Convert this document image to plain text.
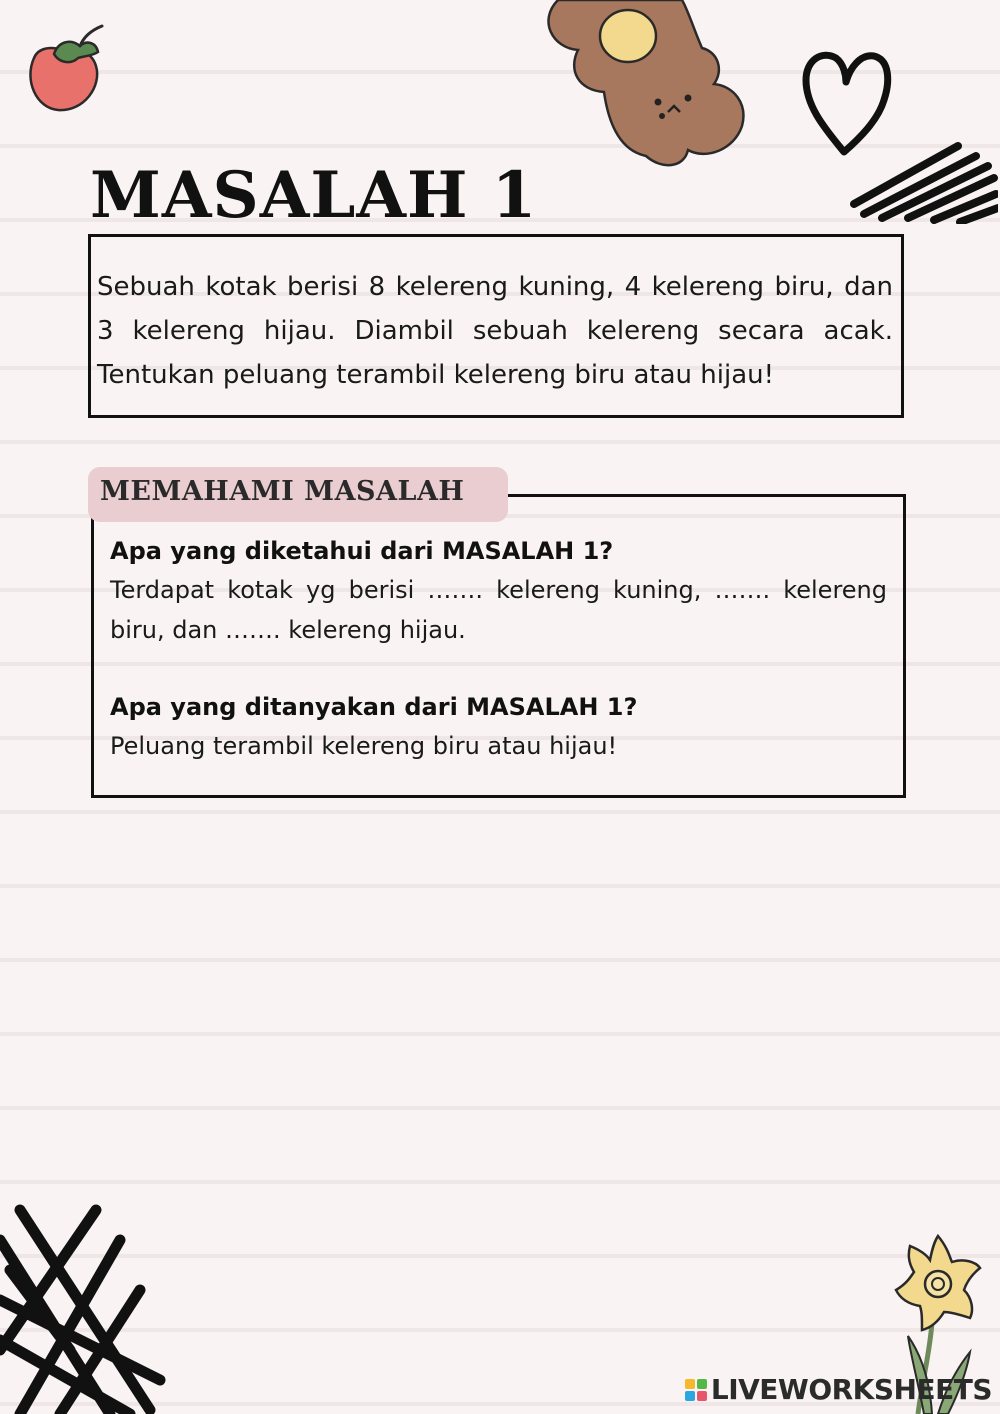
MASALAH 1

Sebuah kotak berisi 8 kelereng kuning, 4 kelereng biru, dan 3 kelereng hijau. Diambil sebuah kelereng secara acak. Tentukan peluang terambil kelereng biru atau hijau!

Apa yang diketahui dari MASALAH 1?

Terdapat kotak yg berisi ……. kelereng kuning, ……. kelereng biru, dan ……. kelereng hijau.

Apa yang ditanyakan dari MASALAH 1?

Peluang terambil kelereng biru atau hijau!

MEMAHAMI MASALAH
LIVEWORKSHEETS
